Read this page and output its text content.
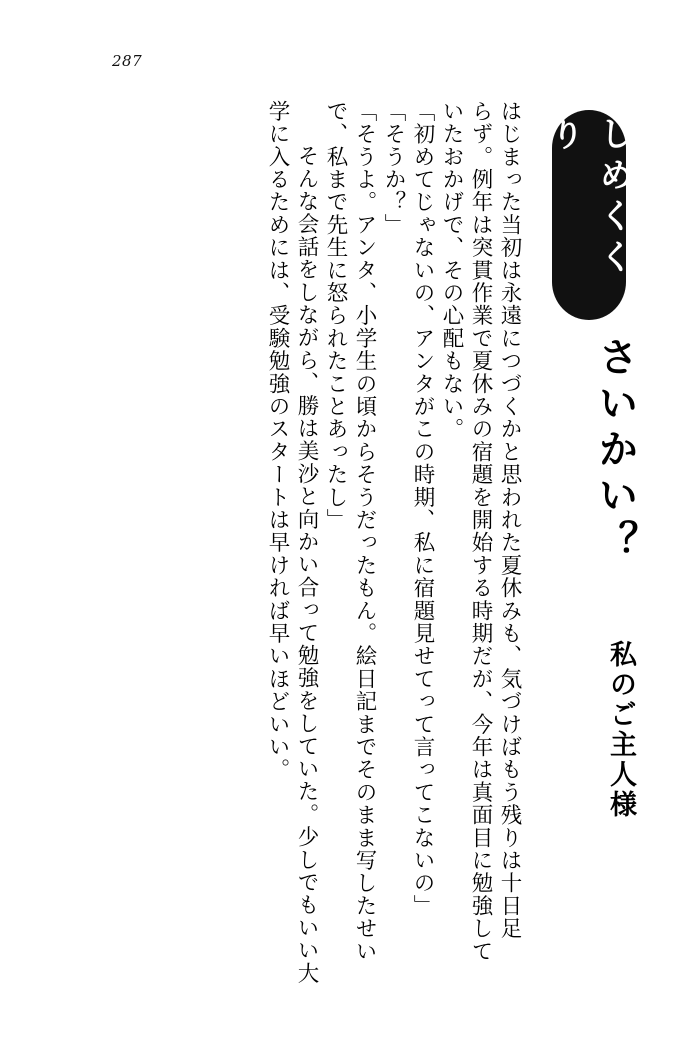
287
しめくくり
さいかい？
私のご主人様
はじまった当初は永遠につづくかと思われた夏休みも、気づけばもう残りは十日足
らず。例年は突貫作業で夏休みの宿題を開始する時期だが、今年は真面目に勉強して
いたおかげで、その心配もない。
「初めてじゃないの、アンタがこの時期、私に宿題見せてって言ってこないの」
「そうか？」
「そうよ。アンタ、小学生の頃からそうだったもん。絵日記までそのまま写したせい
で、私まで先生に怒られたことあったし」
　そんな会話をしながら、勝は美沙と向かい合って勉強をしていた。少しでもいい大
学に入るためには、受験勉強のスタートは早ければ早いほどいい。
